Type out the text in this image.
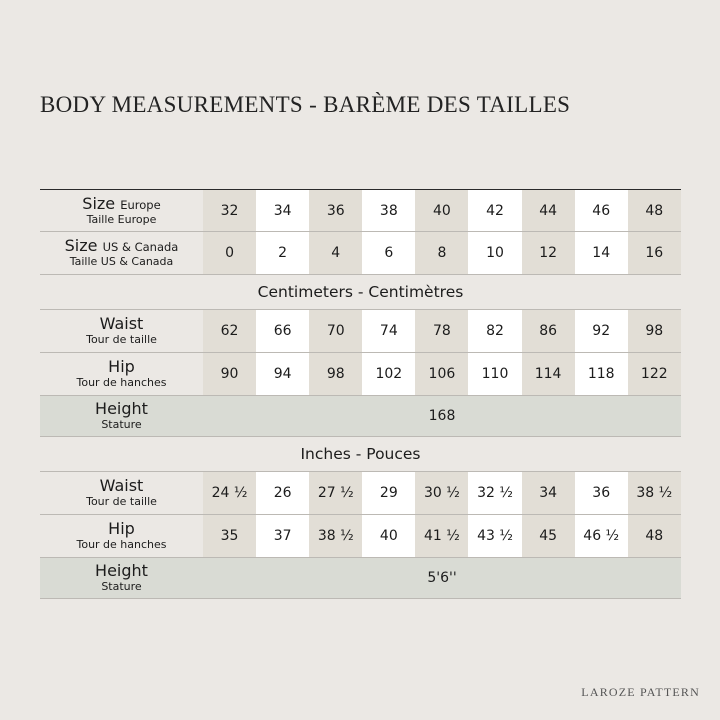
BODY MEASUREMENTS - BARÈME DES TAILLES
Size Europe
Taille Europe
32	34	36	38	40	42	44	46	48
Size US & Canada
Taille US & Canada
0	2	4	6	8	10	12	14	16
Centimeters - Centimètres
Waist
Tour de taille
62	66	70	74	78	82	86	92	98
Hip
Tour de hanches
90	94	98	102	106	110	114	118	122
Height
Stature
168
Inches - Pouces
Waist
Tour de taille
24 ½	26	27 ½	29	30 ½	32 ½	34	36	38 ½
Hip
Tour de hanches
35	37	38 ½	40	41 ½	43 ½	45	46 ½	48
Height
Stature
5'6''
LAROZE PATTERN
